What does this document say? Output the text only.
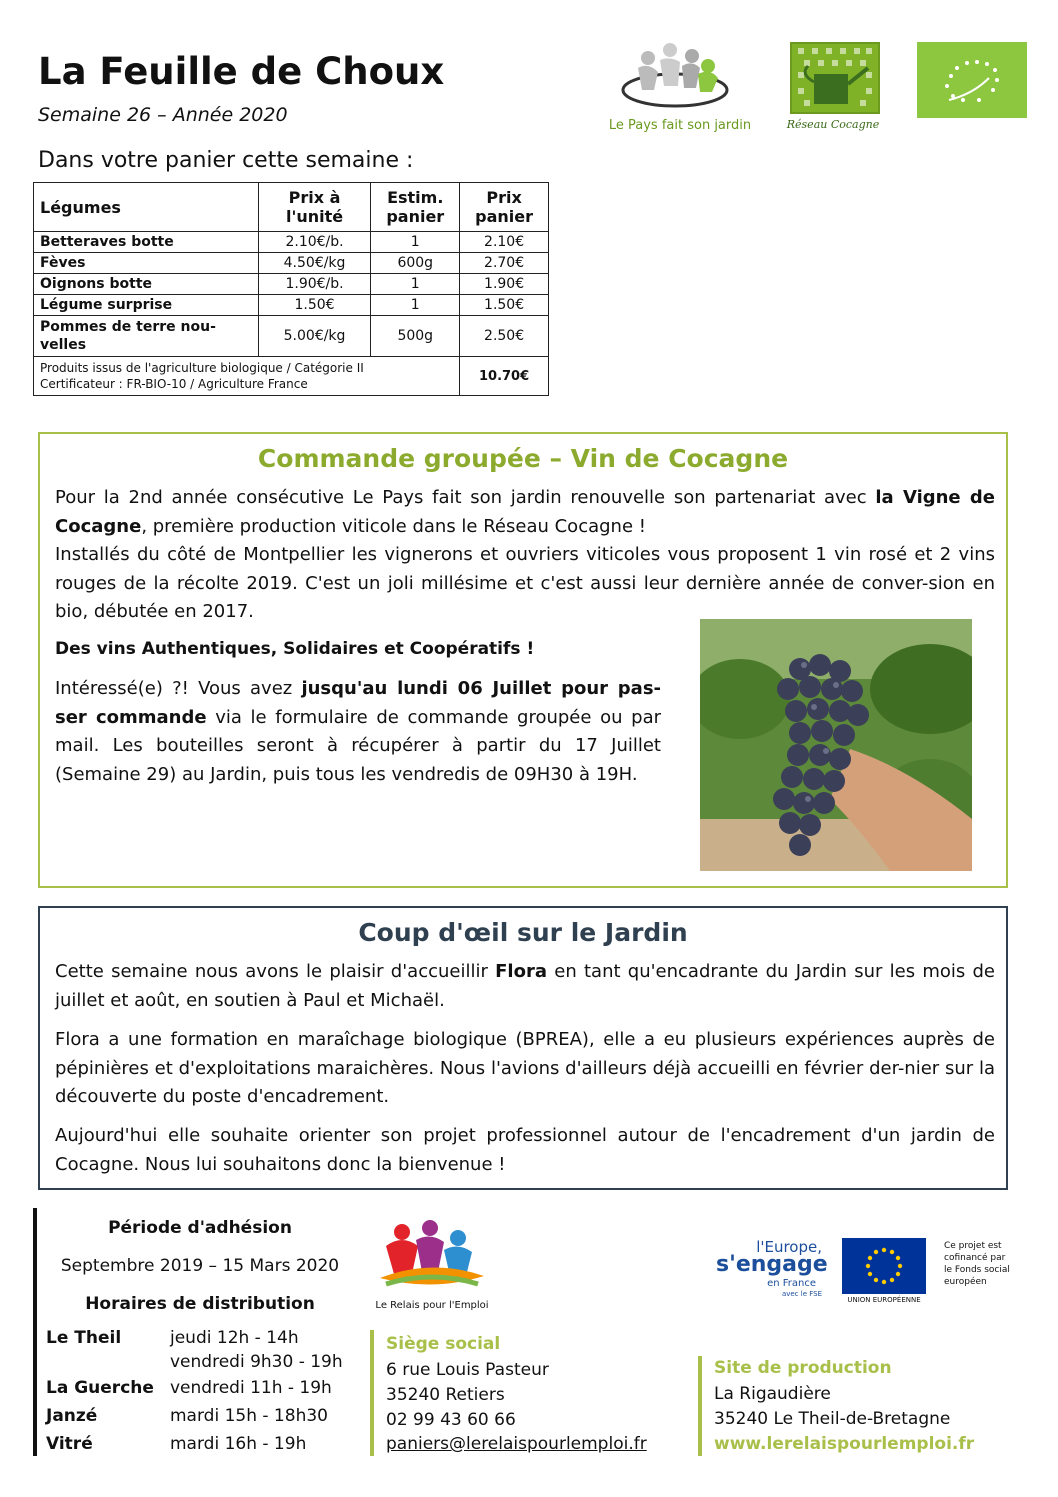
La Feuille de Choux
Semaine 26 – Année 2020
Dans votre panier cette semaine :
Le Pays fait son jardin	Réseau Cocagne
Légumes	Prix à l'unité	Estim. panier	Prix panier
Betteraves botte	2.10€/b.	1	2.10€
Fèves	4.50€/kg	600g	2.70€
Oignons botte	1.90€/b.	1	1.90€
Légume surprise	1.50€	1	1.50€
Pommes de terre nou-velles	5.00€/kg	500g	2.50€

Produits issus de l'agriculture biologique / Catégorie II
Certificateur : FR-BIO-10 / Agriculture France			10.70€
Commande groupée – Vin de Cocagne
Pour la 2nd année consécutive Le Pays fait son jardin renouvelle son partenariat avec la Vigne de Cocagne, première production viticole dans le Réseau Cocagne !
Installés du côté de Montpellier les vignerons et ouvriers viticoles vous proposent 1 vin rosé et 2 vins rouges de la récolte 2019. C'est un joli millésime et c'est aussi leur dernière année de conver-sion en bio, débutée en 2017.
Des vins Authentiques, Solidaires et Coopératifs !
Intéressé(e) ?! Vous avez jusqu'au lundi 06 Juillet pour pas-ser commande via le formulaire de commande groupée ou par mail. Les bouteilles seront à récupérer à partir du 17 Juillet (Semaine 29) au Jardin, puis tous les vendredis de 09H30 à 19H.
Coup d'œil sur le Jardin
Cette semaine nous avons le plaisir d'accueillir Flora en tant qu'encadrante du Jardin sur les mois de juillet et août, en soutien à Paul et Michaël.
Flora a une formation en maraîchage biologique (BPREA), elle a eu plusieurs expériences auprès de pépinières et d'exploitations maraichères. Nous l'avions d'ailleurs déjà accueilli en février der-nier sur la découverte du poste d'encadrement.
Aujourd'hui elle souhaite orienter son projet professionnel autour de l'encadrement d'un jardin de Cocagne. Nous lui souhaitons donc la bienvenue !
Période d'adhésion
Septembre 2019 – 15 Mars 2020
Horaires de distribution
Le Theil	jeudi 12h - 14h
vendredi 9h30 - 19h
La Guerche vendredi 11h - 19h
Janzé	mardi 15h - 18h30
Vitré	mardi 16h - 19h
Le Relais pour l'Emploi
Siège social
6 rue Louis Pasteur
35240 Retiers
02 99 43 60 66
paniers@lerelaispourlemploi.fr
l'Europe,
s'engage
en France
avec le FSE
UNION EUROPÉENNE
Ce projet est cofinancé par le Fonds social européen
Site de production
La Rigaudière
35240 Le Theil-de-Bretagne
www.lerelaispourlemploi.fr
